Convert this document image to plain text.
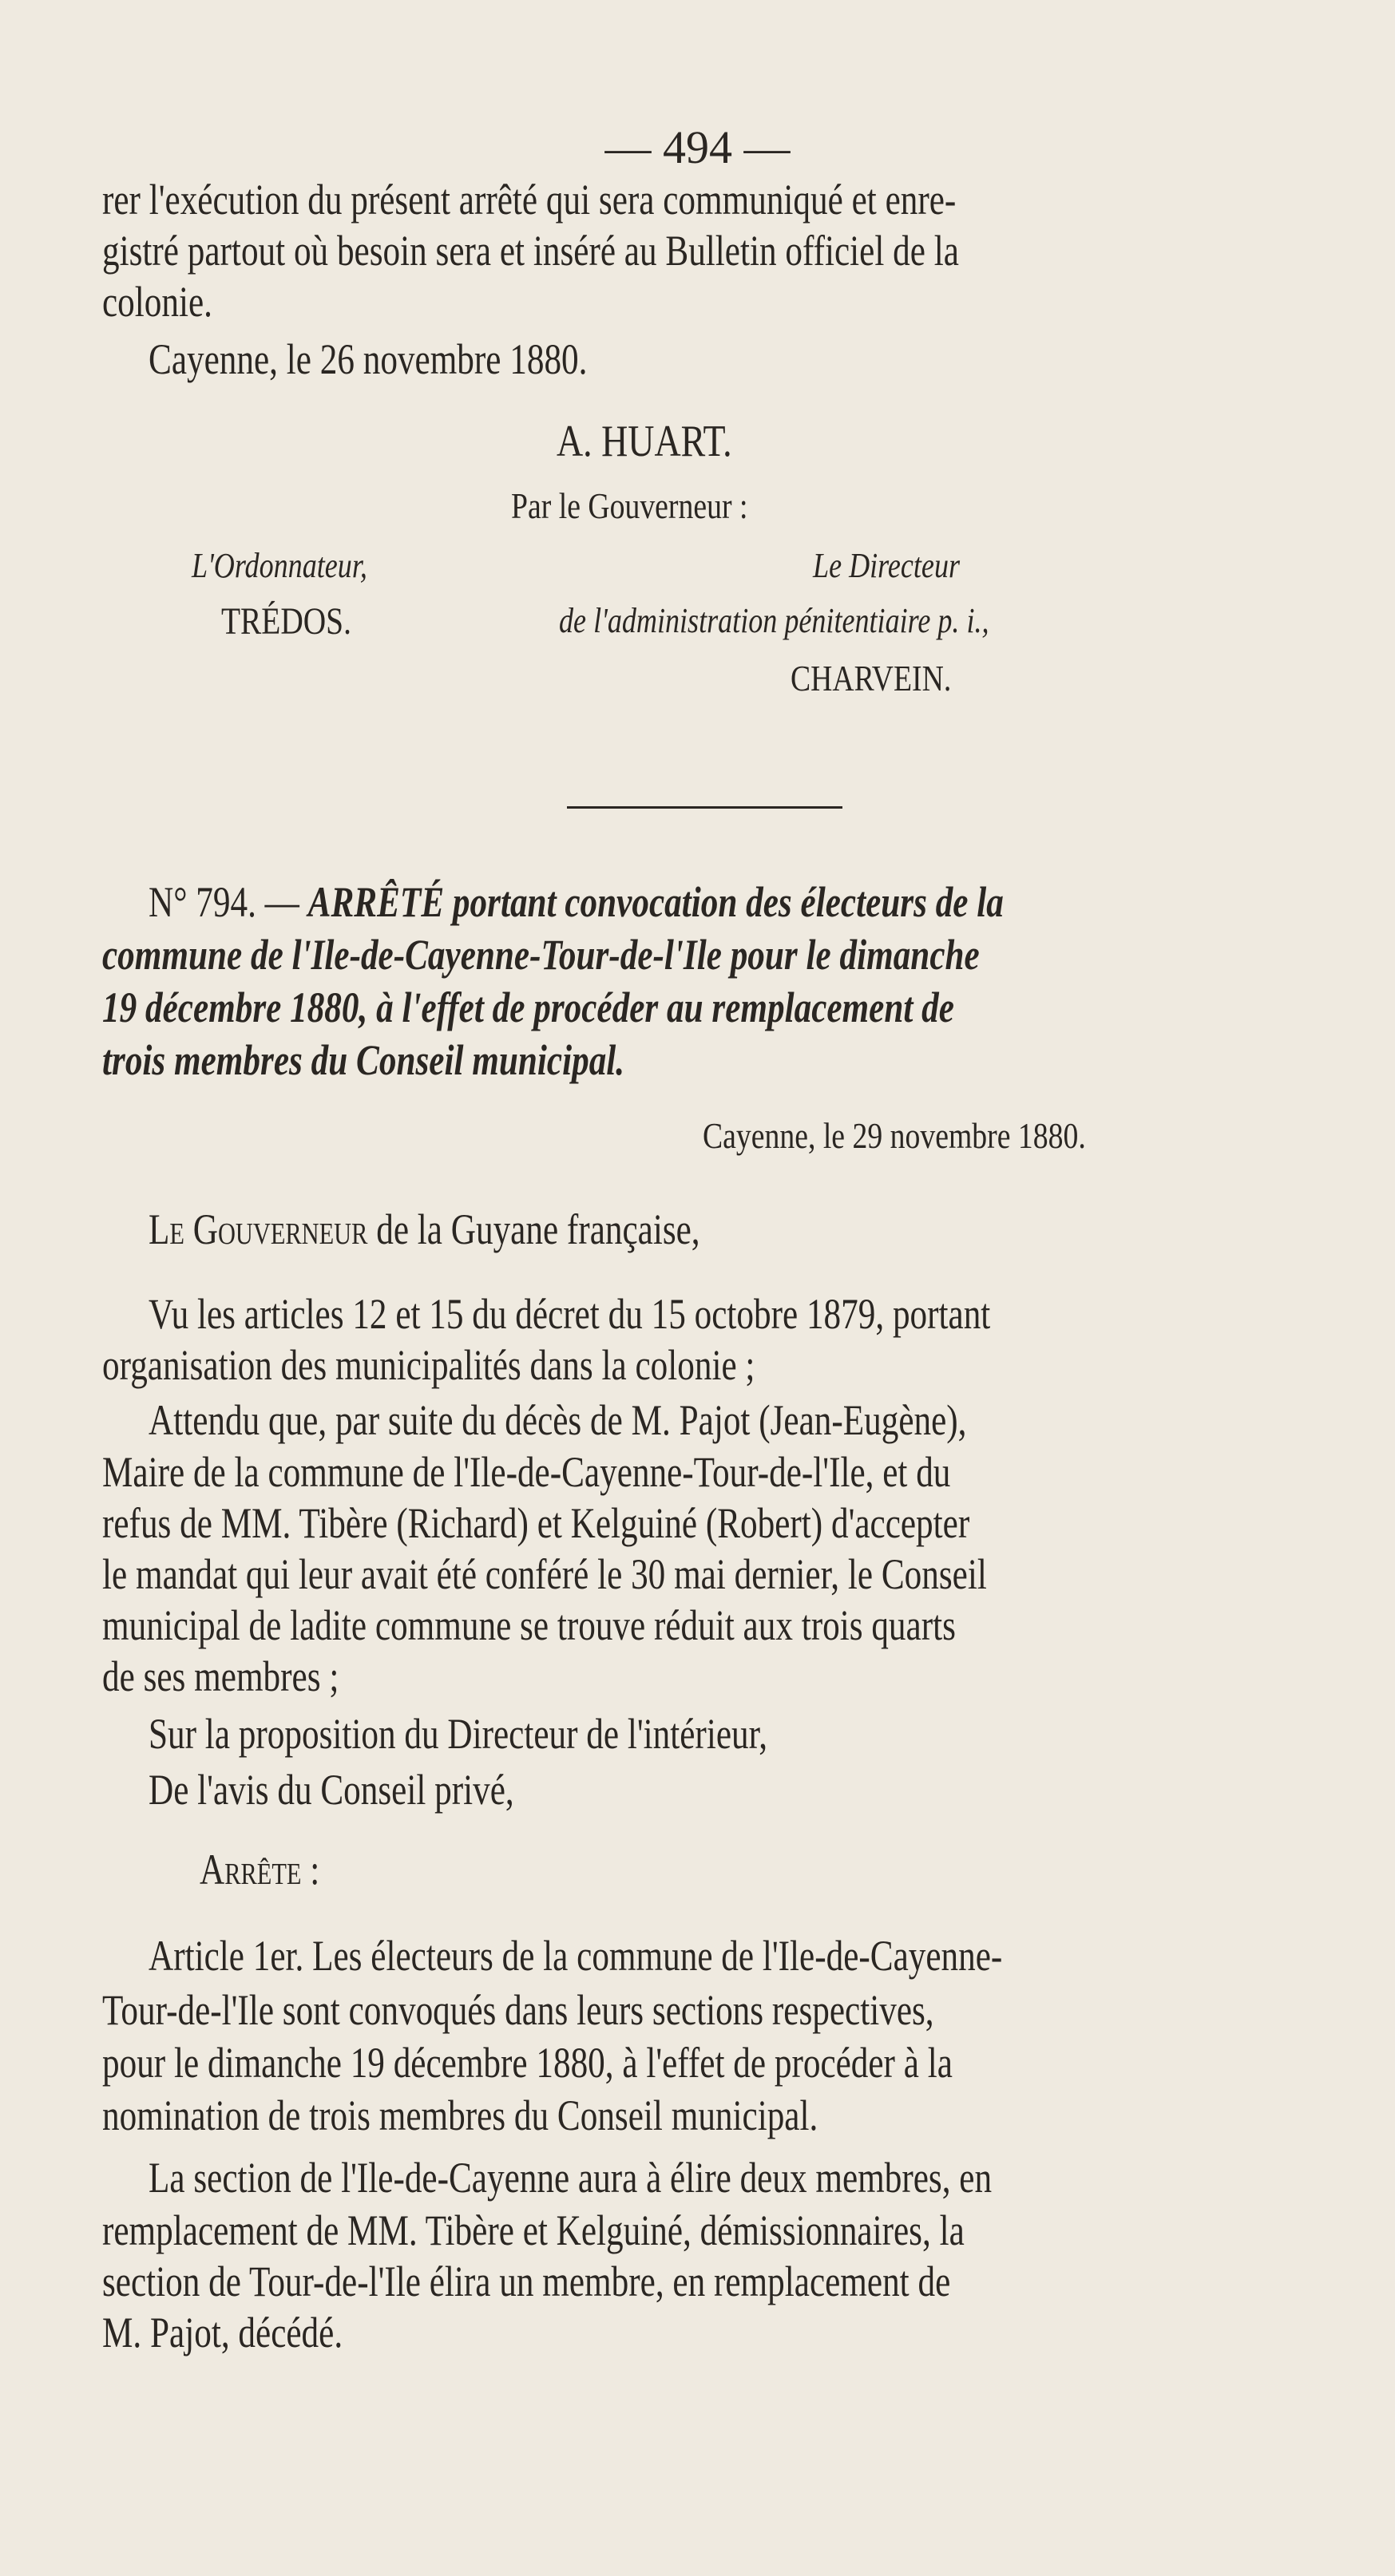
— 494 —

rer l'exécution du présent arrêté qui sera communiqué et enre-

gistré partout où besoin sera et inséré au Bulletin officiel de la

colonie.

Cayenne, le 26 novembre 1880.

A. HUART.

Par le Gouverneur :

L'Ordonnateur,

TRÉDOS.

Le Directeur

de l'administration pénitentiaire p. i.,

CHARVEIN.

N° 794. — ARRÊTÉ portant convocation des électeurs de la

commune de l'Ile-de-Cayenne-Tour-de-l'Ile pour le dimanche

19 décembre 1880, à l'effet de procéder au remplacement de

trois membres du Conseil municipal.

Cayenne, le 29 novembre 1880.

Le Gouverneur de la Guyane française,

Vu les articles 12 et 15 du décret du 15 octobre 1879, portant

organisation des municipalités dans la colonie ;

Attendu que, par suite du décès de M. Pajot (Jean-Eugène),

Maire de la commune de l'Ile-de-Cayenne-Tour-de-l'Ile, et du

refus de MM. Tibère (Richard) et Kelguiné (Robert) d'accepter

le mandat qui leur avait été conféré le 30 mai dernier, le Conseil

municipal de ladite commune se trouve réduit aux trois quarts

de ses membres ;

Sur la proposition du Directeur de l'intérieur,

De l'avis du Conseil privé,

Arrête :

Article 1er. Les électeurs de la commune de l'Ile-de-Cayenne-

Tour-de-l'Ile sont convoqués dans leurs sections respectives,

pour le dimanche 19 décembre 1880, à l'effet de procéder à la

nomination de trois membres du Conseil municipal.

La section de l'Ile-de-Cayenne aura à élire deux membres, en

remplacement de MM. Tibère et Kelguiné, démissionnaires, la

section de Tour-de-l'Ile élira un membre, en remplacement de

M. Pajot, décédé.
